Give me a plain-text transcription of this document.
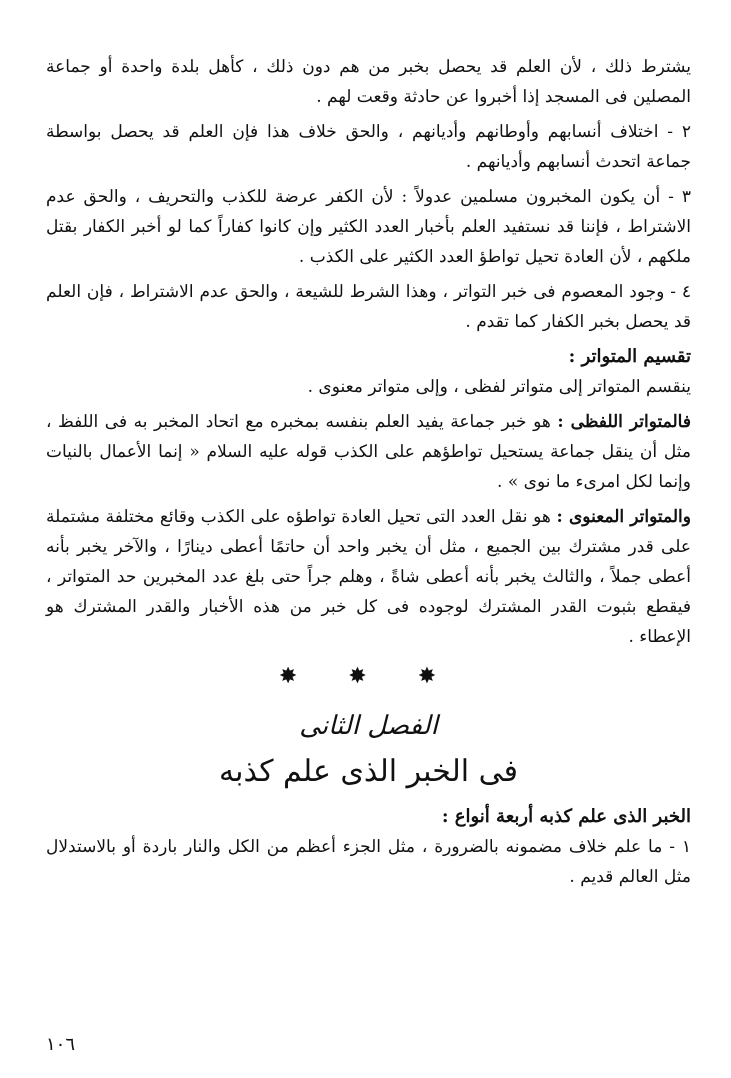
يشترط ذلك ، لأن العلم قد يحصل بخبر من هم دون ذلك ، كأهل بلدة واحدة أو جماعة المصلين فى المسجد إذا أخبروا عن حادثة وقعت لهم .

٢ - اختلاف أنسابهم وأوطانهم وأديانهم ، والحق خلاف هذا فإن العلم قد يحصل بواسطة جماعة اتحدث أنسابهم وأديانهم .

٣ - أن يكون المخبرون مسلمين عدولاً : لأن الكفر عرضة للكذب والتحريف ، والحق عدم الاشتراط ، فإننا قد نستفيد العلم بأخبار العدد الكثير وإن كانوا كفاراً كما لو أخبر الكفار بقتل ملكهم ، لأن العادة تحيل تواطؤ العدد الكثير على الكذب .

٤ - وجود المعصوم فى خبر التواتر ، وهذا الشرط للشيعة ، والحق عدم الاشتراط ، فإن العلم قد يحصل بخبر الكفار كما تقدم .

تقسيم المتواتر :

ينقسم المتواتر إلى متواتر لفظى ، وإلى متواتر معنوى .

فالمتواتر اللفظى : هو خبر جماعة يفيد العلم بنفسه بمخبره مع اتحاد المخبر به فى اللفظ ، مثل أن ينقل جماعة يستحيل تواطؤهم على الكذب قوله عليه السلام « إنما الأعمال بالنيات وإنما لكل امرىء ما نوى » .

والمتواتر المعنوى : هو نقل العدد التى تحيل العادة تواطؤه على الكذب وقائع مختلفة مشتملة على قدر مشترك بين الجميع ، مثل أن يخبر واحد أن حاتمًا أعطى دينارًا ، والآخر يخبر بأنه أعطى جملاً ، والثالث يخبر بأنه أعطى شاةً ، وهلم جراً حتى بلغ عدد المخبرين حد المتواتر ، فيقطع بثبوت القدر المشترك لوجوده فى كل خبر من هذه الأخبار والقدر المشترك هو الإعطاء .

✸ ✸ ✸
الفصل الثانى
فى الخبر الذى علم كذبه

الخبر الذى علم كذبه أربعة أنواع :

١ - ما علم خلاف مضمونه بالضرورة ، مثل الجزء أعظم من الكل والنار باردة أو بالاستدلال مثل العالم قديم .

١٠٦
